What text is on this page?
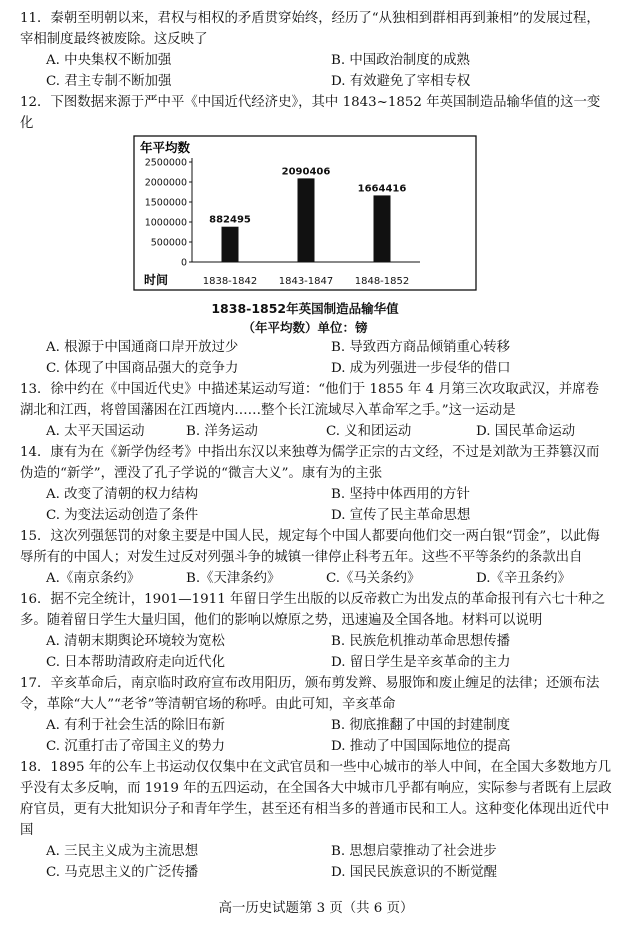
11．秦朝至明朝以来，君权与相权的矛盾贯穿始终，经历了“从独相到群相再到兼相”的发展过程，宰相制度最终被废除。这反映了

A. 中央集权不断加强	B. 中国政治制度的成熟
C. 君主专制不断加强	D. 有效避免了宰相专权

12．下图数据来源于严中平《中国近代经济史》，其中 1843~1852 年英国制造品输华值的这一变化

年平均数
2500000
2000000
1500000
1000000
500000
0
882495
1838-1842
2090406
1843-1847
1664416
1848-1852
时间
1838-1852年英国制造品输华值
（年平均数）单位：镑
A. 根源于中国通商口岸开放过少	B. 导致西方商品倾销重心转移
C. 体现了中国商品强大的竞争力	D. 成为列强进一步侵华的借口

13．徐中约在《中国近代史》中描述某运动写道：“他们于 1855 年 4 月第三次攻取武汉，并席卷湖北和江西，将曾国藩困在江西境内……整个长江流域尽入革命军之手。”这一运动是

A. 太平天国运动	B. 洋务运动	C. 义和团运动	D. 国民革命运动

14．康有为在《新学伪经考》中指出东汉以来独尊为儒学正宗的古文经，不过是刘歆为王莽篡汉而伪造的“新学”，湮没了孔子学说的“微言大义”。康有为的主张

A. 改变了清朝的权力结构	B. 坚持中体西用的方针
C. 为变法运动创造了条件	D. 宣传了民主革命思想

15．这次列强惩罚的对象主要是中国人民，规定每个中国人都要向他们交一两白银“罚金”，以此侮辱所有的中国人；对发生过反对列强斗争的城镇一律停止科考五年。这些不平等条约的条款出自

A.《南京条约》	B.《天津条约》	C.《马关条约》	D.《辛丑条约》

16．据不完全统计，1901—1911 年留日学生出版的以反帝救亡为出发点的革命报刊有六七十种之多。随着留日学生大量归国，他们的影响以燎原之势，迅速遍及全国各地。材料可以说明

A. 清朝末期舆论环境较为宽松	B. 民族危机推动革命思想传播
C. 日本帮助清政府走向近代化	D. 留日学生是辛亥革命的主力

17．辛亥革命后，南京临时政府宣布改用阳历，颁布剪发辫、易服饰和废止缠足的法律；还颁布法令，革除“大人”“老爷”等清朝官场的称呼。由此可知，辛亥革命

A. 有利于社会生活的除旧布新	B. 彻底推翻了中国的封建制度
C. 沉重打击了帝国主义的势力	D. 推动了中国国际地位的提高

18．1895 年的公车上书运动仅仅集中在文武官员和一些中心城市的举人中间，在全国大多数地方几乎没有太多反响，而 1919 年的五四运动，在全国各大中城市几乎都有响应，实际参与者既有上层政府官员，更有大批知识分子和青年学生，甚至还有相当多的普通市民和工人。这种变化体现出近代中国

A. 三民主义成为主流思想	B. 思想启蒙推动了社会进步
C. 马克思主义的广泛传播	D. 国民民族意识的不断觉醒
高一历史试题第 3 页（共 6 页）
